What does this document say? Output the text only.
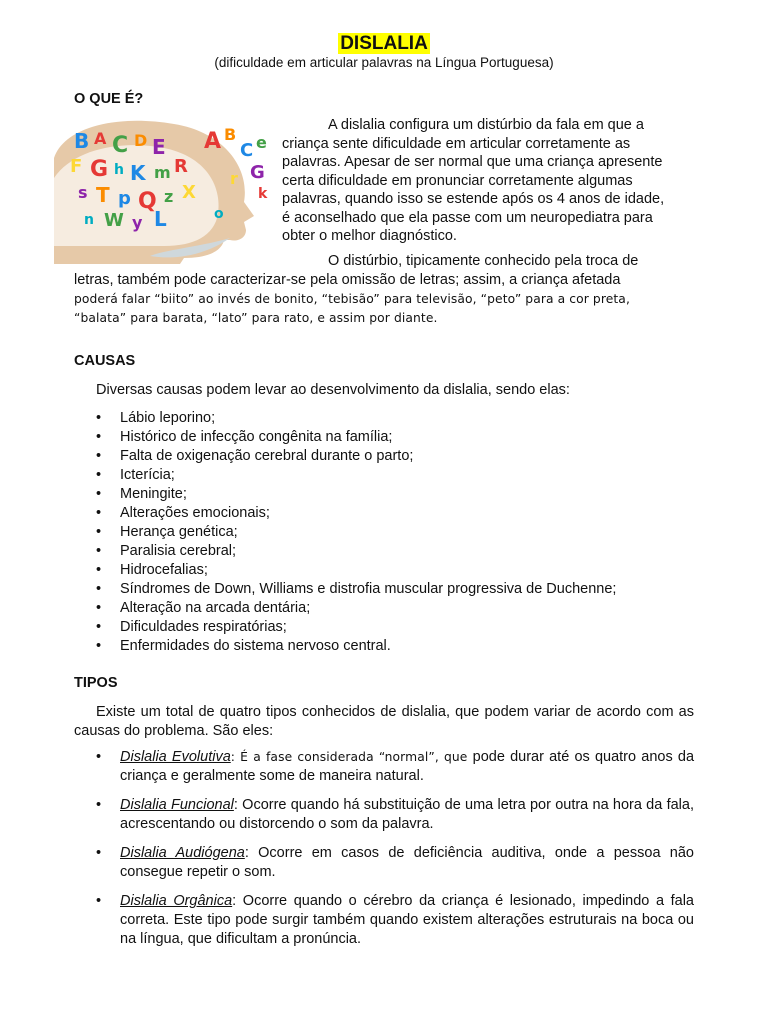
DISLALIA
(dificuldade em articular palavras na Língua Portuguesa)
O QUE É?
B A C D E
F G h K m R
s T p Q z X
n W y L
A B
C e
G
r
k
o
A dislalia configura um distúrbio da fala em que a
criança sente dificuldade em articular corretamente as
palavras. Apesar de ser normal que uma criança apresente
certa dificuldade em pronunciar corretamente algumas
palavras, quando isso se estende após os 4 anos de idade,
é aconselhado que ela passe com um neuropediatra para
obter o melhor diagnóstico.
O distúrbio, tipicamente conhecido pela troca de
letras, também pode caracterizar-se pela omissão de letras; assim, a criança afetada
poderá falar “biito” ao invés de bonito, “tebisão” para televisão, “peto” para a cor preta,
“balata” para barata, “lato” para rato, e assim por diante.
CAUSAS
Diversas causas podem levar ao desenvolvimento da dislalia, sendo elas:
• Lábio leporino;
• Histórico de infecção congênita na família;
• Falta de oxigenação cerebral durante o parto;
• Icterícia;
• Meningite;
• Alterações emocionais;
• Herança genética;
• Paralisia cerebral;
• Hidrocefalias;
• Síndromes de Down, Williams e distrofia muscular progressiva de Duchenne;
• Alteração na arcada dentária;
• Dificuldades respiratórias;
• Enfermidades do sistema nervoso central.
TIPOS
Existe um total de quatro tipos conhecidos de dislalia, que podem variar de acordo com as causas do problema. São eles:
• Dislalia Evolutiva: É a fase considerada “normal”, que pode durar até os quatro anos da criança e geralmente some de maneira natural.
• Dislalia Funcional: Ocorre quando há substituição de uma letra por outra na hora da fala, acrescentando ou distorcendo o som da palavra.
• Dislalia Audiógena: Ocorre em casos de deficiência auditiva, onde a pessoa não consegue repetir o som.
• Dislalia Orgânica: Ocorre quando o cérebro da criança é lesionado, impedindo a fala correta. Este tipo pode surgir também quando existem alterações estruturais na boca ou na língua, que dificultam a pronúncia.
